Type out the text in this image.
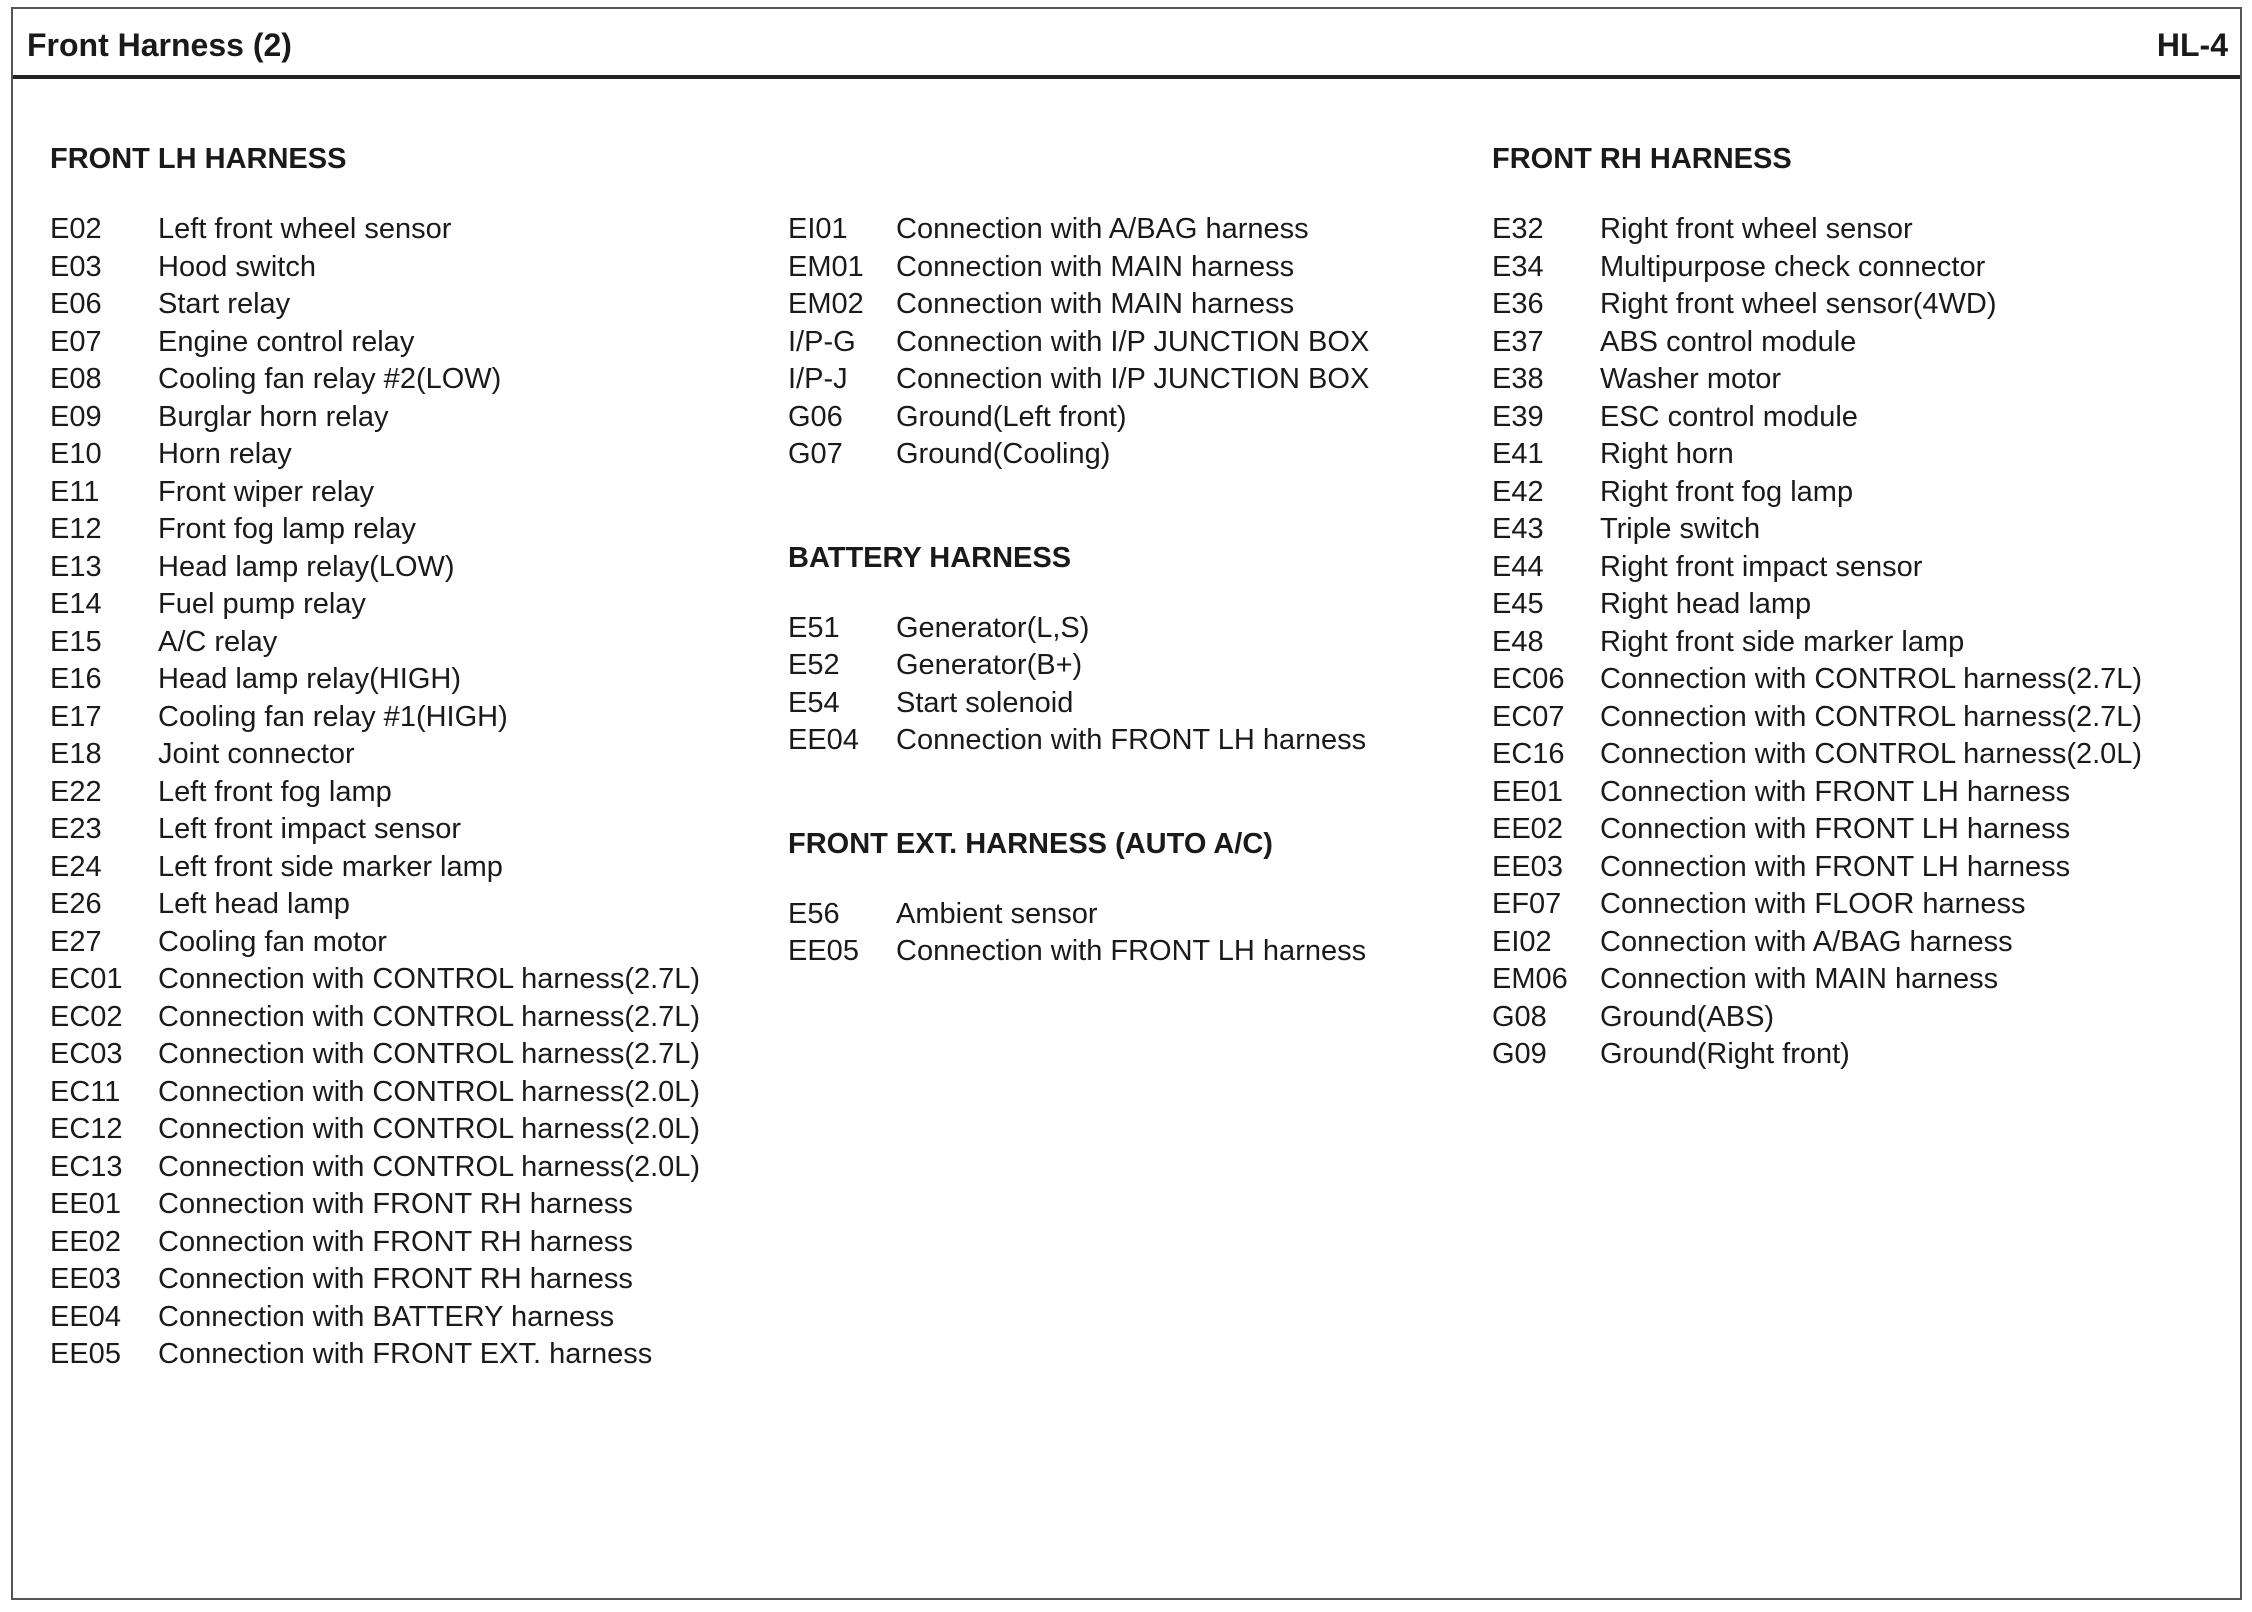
Front Harness (2)	HL-4
FRONT LH HARNESS
E02	Left front wheel sensor
E03	Hood switch
E06	Start relay
E07	Engine control relay
E08	Cooling fan relay #2(LOW)
E09	Burglar horn relay
E10	Horn relay
E11	Front wiper relay
E12	Front fog lamp relay
E13	Head lamp relay(LOW)
E14	Fuel pump relay
E15	A/C relay
E16	Head lamp relay(HIGH)
E17	Cooling fan relay #1(HIGH)
E18	Joint connector
E22	Left front fog lamp
E23	Left front impact sensor
E24	Left front side marker lamp
E26	Left head lamp
E27	Cooling fan motor
EC01	Connection with CONTROL harness(2.7L)
EC02	Connection with CONTROL harness(2.7L)
EC03	Connection with CONTROL harness(2.7L)
EC11	Connection with CONTROL harness(2.0L)
EC12	Connection with CONTROL harness(2.0L)
EC13	Connection with CONTROL harness(2.0L)
EE01	Connection with FRONT RH harness
EE02	Connection with FRONT RH harness
EE03	Connection with FRONT RH harness
EE04	Connection with BATTERY harness
EE05	Connection with FRONT EXT. harness
EI01	Connection with A/BAG harness
EM01	Connection with MAIN harness
EM02	Connection with MAIN harness
I/P-G	Connection with I/P JUNCTION BOX
I/P-J	Connection with I/P JUNCTION BOX
G06	Ground(Left front)
G07	Ground(Cooling)
BATTERY HARNESS
E51	Generator(L,S)
E52	Generator(B+)
E54	Start solenoid
EE04	Connection with FRONT LH harness
FRONT EXT. HARNESS (AUTO A/C)
E56	Ambient sensor
EE05	Connection with FRONT LH harness
FRONT RH HARNESS
E32	Right front wheel sensor
E34	Multipurpose check connector
E36	Right front wheel sensor(4WD)
E37	ABS control module
E38	Washer motor
E39	ESC control module
E41	Right horn
E42	Right front fog lamp
E43	Triple switch
E44	Right front impact sensor
E45	Right head lamp
E48	Right front side marker lamp
EC06	Connection with CONTROL harness(2.7L)
EC07	Connection with CONTROL harness(2.7L)
EC16	Connection with CONTROL harness(2.0L)
EE01	Connection with FRONT LH harness
EE02	Connection with FRONT LH harness
EE03	Connection with FRONT LH harness
EF07	Connection with FLOOR harness
EI02	Connection with A/BAG harness
EM06	Connection with MAIN harness
G08	Ground(ABS)
G09	Ground(Right front)
